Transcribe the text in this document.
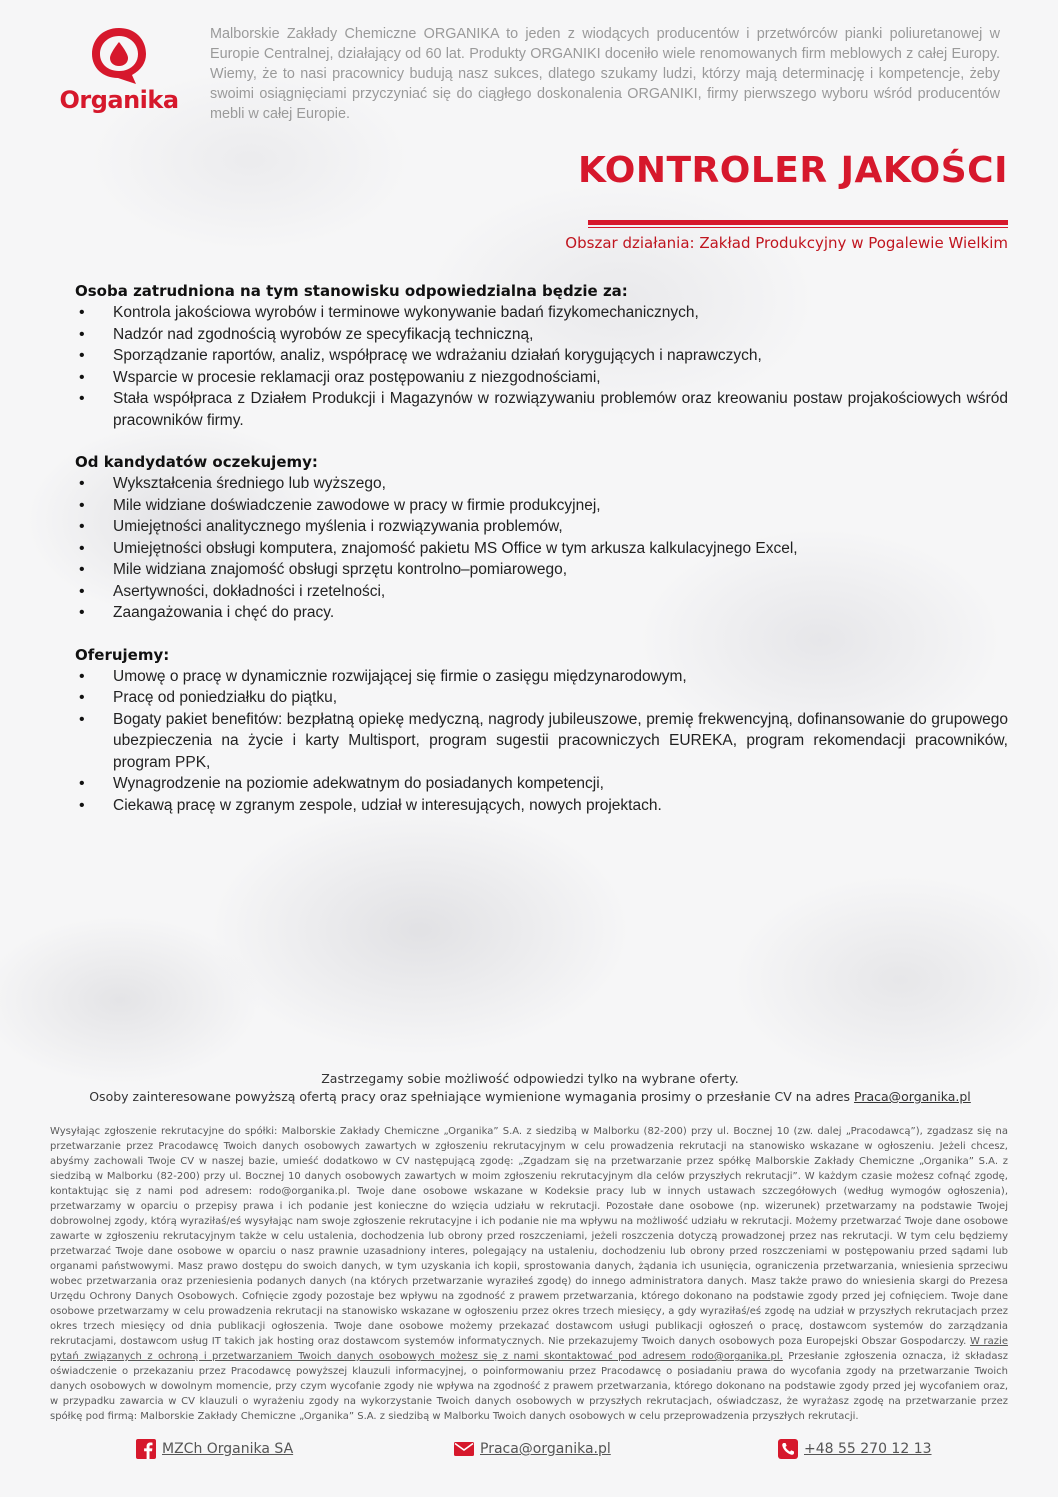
Organika

Malborskie Zakłady Chemiczne ORGANIKA to jeden z wiodących producentów i przetwórców pianki poliuretanowej w Europie Centralnej, działający od 60 lat. Produkty ORGANIKI doceniło wiele renomowanych firm meblowych z całej Europy. Wiemy, że to nasi pracownicy budują nasz sukces, dlatego szukamy ludzi, którzy mają determinację i kompetencje, żeby swoimi osiągnięciami przyczyniać się do ciągłego doskonalenia ORGANIKI, firmy pierwszego wyboru wśród producentów mebli w całej Europie.

KONTROLER JAKOŚCI

Obszar działania: Zakład Produkcyjny w Pogalewie Wielkim

Osoba zatrudniona na tym stanowisku odpowiedzialna będzie za:
• Kontrola jakościowa wyrobów i terminowe wykonywanie badań fizykomechanicznych,
• Nadzór nad zgodnością wyrobów ze specyfikacją techniczną,
• Sporządzanie raportów, analiz, współpracę we wdrażaniu działań korygujących i naprawczych,
• Wsparcie w procesie reklamacji oraz postępowaniu z niezgodnościami,
• Stała współpraca z Działem Produkcji i Magazynów w rozwiązywaniu problemów oraz kreowaniu postaw projakościowych wśród pracowników firmy.
Od kandydatów oczekujemy:
• Wykształcenia średniego lub wyższego,
• Mile widziane doświadczenie zawodowe w pracy w firmie produkcyjnej,
• Umiejętności analitycznego myślenia i rozwiązywania problemów,
• Umiejętności obsługi komputera, znajomość pakietu MS Office w tym arkusza kalkulacyjnego Excel,
• Mile widziana znajomość obsługi sprzętu kontrolno–pomiarowego,
• Asertywności, dokładności i rzetelności,
• Zaangażowania i chęć do pracy.
Oferujemy:
• Umowę o pracę w dynamicznie rozwijającej się firmie o zasięgu międzynarodowym,
• Pracę od poniedziałku do piątku,
• Bogaty pakiet benefitów: bezpłatną opiekę medyczną, nagrody jubileuszowe, premię frekwencyjną, dofinansowanie do grupowego ubezpieczenia na życie i karty Multisport, program sugestii pracowniczych EUREKA, program rekomendacji pracowników, program PPK,
• Wynagrodzenie na poziomie adekwatnym do posiadanych kompetencji,
• Ciekawą pracę w zgranym zespole, udział w interesujących, nowych projektach.

Zastrzegamy sobie możliwość odpowiedzi tylko na wybrane oferty.

Osoby zainteresowane powyższą ofertą pracy oraz spełniające wymienione wymagania prosimy o przesłanie CV na adres Praca@organika.pl

Wysyłając zgłoszenie rekrutacyjne do spółki: Malborskie Zakłady Chemiczne „Organika” S.A. z siedzibą w Malborku (82-200) przy ul. Bocznej 10 (zw. dalej „Pracodawcą”), zgadzasz się na przetwarzanie przez Pracodawcę Twoich danych osobowych zawartych w zgłoszeniu rekrutacyjnym w celu prowadzenia rekrutacji na stanowisko wskazane w ogłoszeniu. Jeżeli chcesz, abyśmy zachowali Twoje CV w naszej bazie, umieść dodatkowo w CV następującą zgodę: „Zgadzam się na przetwarzanie przez spółkę Malborskie Zakłady Chemiczne „Organika” S.A. z siedzibą w Malborku (82-200) przy ul. Bocznej 10 danych osobowych zawartych w moim zgłoszeniu rekrutacyjnym dla celów przyszłych rekrutacji”. W każdym czasie możesz cofnąć zgodę, kontaktując się z nami pod adresem: rodo@organika.pl. Twoje dane osobowe wskazane w Kodeksie pracy lub w innych ustawach szczegółowych (według wymogów ogłoszenia), przetwarzamy w oparciu o przepisy prawa i ich podanie jest konieczne do wzięcia udziału w rekrutacji. Pozostałe dane osobowe (np. wizerunek) przetwarzamy na podstawie Twojej dobrowolnej zgody, którą wyraziłaś/eś wysyłając nam swoje zgłoszenie rekrutacyjne i ich podanie nie ma wpływu na możliwość udziału w rekrutacji. Możemy przetwarzać Twoje dane osobowe zawarte w zgłoszeniu rekrutacyjnym także w celu ustalenia, dochodzenia lub obrony przed roszczeniami, jeżeli roszczenia dotyczą prowadzonej przez nas rekrutacji. W tym celu będziemy przetwarzać Twoje dane osobowe w oparciu o nasz prawnie uzasadniony interes, polegający na ustaleniu, dochodzeniu lub obrony przed roszczeniami w postępowaniu przed sądami lub organami państwowymi. Masz prawo dostępu do swoich danych, w tym uzyskania ich kopii, sprostowania danych, żądania ich usunięcia, ograniczenia przetwarzania, wniesienia sprzeciwu wobec przetwarzania oraz przeniesienia podanych danych (na których przetwarzanie wyraziłeś zgodę) do innego administratora danych. Masz także prawo do wniesienia skargi do Prezesa Urzędu Ochrony Danych Osobowych. Cofnięcie zgody pozostaje bez wpływu na zgodność z prawem przetwarzania, którego dokonano na podstawie zgody przed jej cofnięciem. Twoje dane osobowe przetwarzamy w celu prowadzenia rekrutacji na stanowisko wskazane w ogłoszeniu przez okres trzech miesięcy, a gdy wyraziłaś/eś zgodę na udział w przyszłych rekrutacjach przez okres trzech miesięcy od dnia publikacji ogłoszenia. Twoje dane osobowe możemy przekazać dostawcom usługi publikacji ogłoszeń o pracę, dostawcom systemów do zarządzania rekrutacjami, dostawcom usług IT takich jak hosting oraz dostawcom systemów informatycznych. Nie przekazujemy Twoich danych osobowych poza Europejski Obszar Gospodarczy. W razie pytań związanych z ochroną i przetwarzaniem Twoich danych osobowych możesz się z nami skontaktować pod adresem rodo@organika.pl. Przesłanie zgłoszenia oznacza, iż składasz oświadczenie o przekazaniu przez Pracodawcę powyższej klauzuli informacyjnej, o poinformowaniu przez Pracodawcę o posiadaniu prawa do wycofania zgody na przetwarzanie Twoich danych osobowych w dowolnym momencie, przy czym wycofanie zgody nie wpływa na zgodność z prawem przetwarzania, którego dokonano na podstawie zgody przed jej wycofaniem oraz, w przypadku zawarcia w CV klauzuli o wyrażeniu zgody na wykorzystanie Twoich danych osobowych w przyszłych rekrutacjach, oświadczasz, że wyrażasz zgodę na przetwarzanie przez spółkę pod firmą: Malborskie Zakłady Chemiczne „Organika” S.A. z siedzibą w Malborku Twoich danych osobowych w celu przeprowadzenia przyszłych rekrutacji.

MZCh Organika SA	Praca@organika.pl	+48 55 270 12 13
